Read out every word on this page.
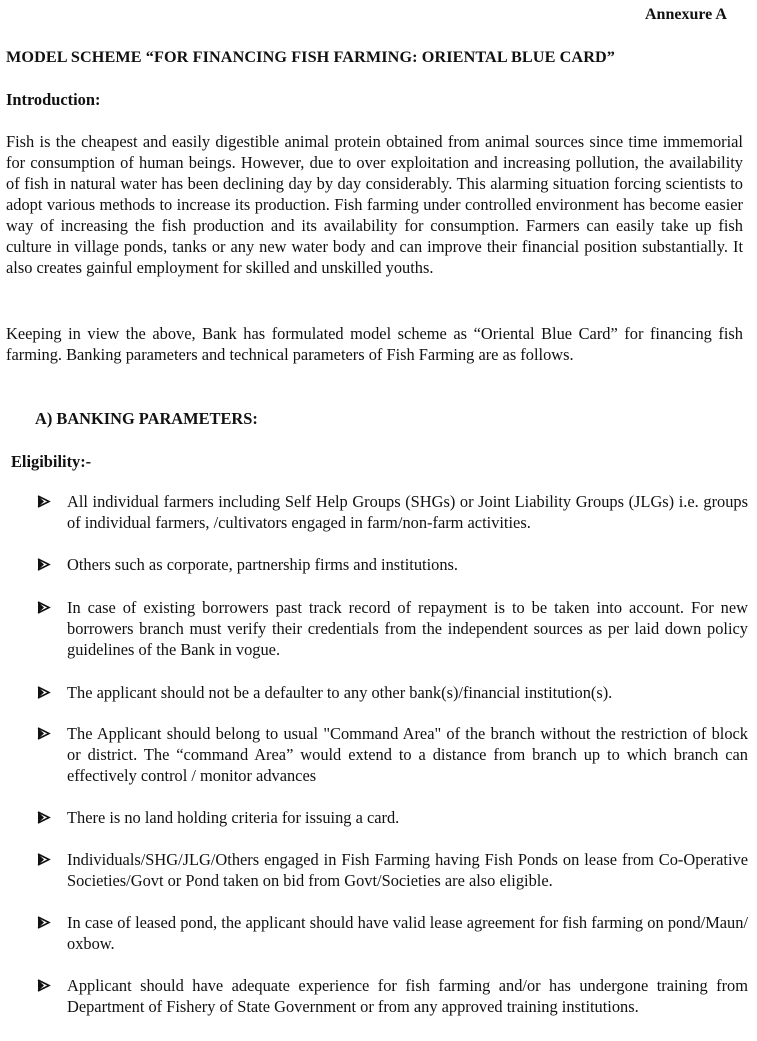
Annexure A
MODEL SCHEME “FOR FINANCING FISH FARMING: ORIENTAL BLUE CARD”
Introduction:
Fish is the cheapest and easily digestible animal protein obtained from animal sources since time immemorial for consumption of human beings. However, due to over exploitation and increasing pollution, the availability of fish in natural water has been declining day by day considerably. This alarming situation forcing scientists to adopt various methods to increase its production. Fish farming under controlled environment has become easier way of increasing the fish production and its availability for consumption. Farmers can easily take up fish culture in village ponds, tanks or any new water body and can improve their financial position substantially. It also creates gainful employment for skilled and unskilled youths.
Keeping in view the above, Bank has formulated model scheme as “Oriental Blue Card” for financing fish farming. Banking parameters and technical parameters of Fish Farming are as follows.
A) BANKING PARAMETERS:
Eligibility:-
All individual farmers including Self Help Groups (SHGs) or Joint Liability Groups (JLGs) i.e. groups of individual farmers, /cultivators engaged in farm/non-farm activities.
Others such as corporate, partnership firms and institutions.
In case of existing borrowers past track record of repayment is to be taken into account. For new borrowers branch must verify their credentials from the independent sources as per laid down policy guidelines of the Bank in vogue.
The applicant should not be a defaulter to any other bank(s)/financial institution(s).
The Applicant should belong to usual "Command Area" of the branch without the restriction of block or district. The “command Area” would extend to a distance from branch up to which branch can effectively control / monitor advances
There is no land holding criteria for issuing a card.
Individuals/SHG/JLG/Others engaged in Fish Farming having Fish Ponds on lease from Co-Operative Societies/Govt or Pond taken on bid from Govt/Societies are also eligible.
In case of leased pond, the applicant should have valid lease agreement for fish farming on pond/Maun/ oxbow.
Applicant should have adequate experience for fish farming and/or has undergone training from Department of Fishery of State Government or from any approved training institutions.
